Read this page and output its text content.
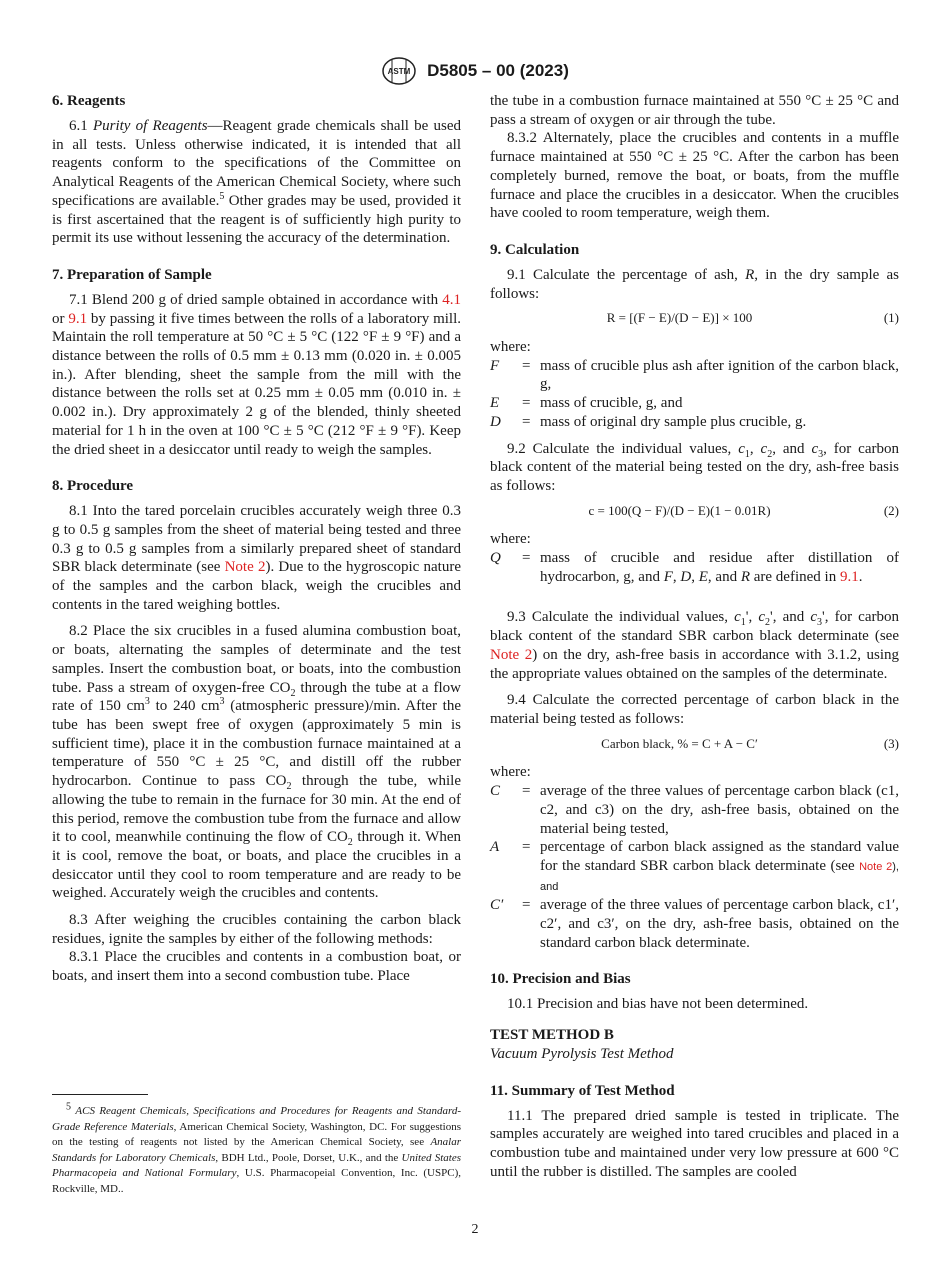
ASTM D5805 – 00 (2023)
6. Reagents

6.1 Purity of Reagents—Reagent grade chemicals shall be used in all tests. Unless otherwise indicated, it is intended that all reagents conform to the specifications of the Committee on Analytical Reagents of the American Chemical Society, where such specifications are available.$^5$ Other grades may be used, provided it is first ascertained that the reagent is of sufficiently high purity to permit its use without lessening the accuracy of the determination.

7. Preparation of Sample

7.1 Blend 200 g of dried sample obtained in accordance with 4.1 or 9.1 by passing it five times between the rolls of a laboratory mill. Maintain the roll temperature at 50 °C ± 5 °C (122 °F ± 9 °F) and a distance between the rolls of 0.5 mm ± 0.13 mm (0.020 in. ± 0.005 in.). After blending, sheet the sample from the mill with the distance between the rolls set at 0.25 mm ± 0.05 mm (0.010 in. ± 0.002 in.). Dry approximately 2 g of the blended, thinly sheeted material for 1 h in the oven at 100 °C ± 5 °C (212 °F ± 9 °F). Keep the dried sheet in a desiccator until ready to weigh the samples.

8. Procedure

8.1 Into the tared porcelain crucibles accurately weigh three 0.3 g to 0.5 g samples from the sheet of material being tested and three 0.3 g to 0.5 g samples from a similarly prepared sheet of standard SBR black determinate (see Note 2). Due to the hygroscopic nature of the samples and the carbon black, weigh the crucibles and contents in the tared weighing bottles.

8.2 Place the six crucibles in a fused alumina combustion boat, or boats, alternating the samples of determinate and the test samples. Insert the combustion boat, or boats, into the combustion tube. Pass a stream of oxygen-free $CO_2$ through the tube at a flow rate of 150 $cm^3$ to 240 $cm^3$ (atmospheric pressure)/min. After the tube has been swept free of oxygen (approximately 5 min is sufficient time), place it in the combustion furnace maintained at a temperature of 550 °C ± 25 °C, and distill off the rubber hydrocarbon. Continue to pass $CO_2$ through the tube, while allowing the tube to remain in the furnace for 30 min. At the end of this period, remove the combustion tube from the furnace and allow it to cool, meanwhile continuing the flow of $CO_2$ through it. When it is cool, remove the boat, or boats, and place the crucibles in a desiccator until they cool to room temperature and are ready to be weighed. Accurately weigh the crucibles and contents.

8.3 After weighing the crucibles containing the carbon black residues, ignite the samples by either of the following methods:

8.3.1 Place the crucibles and contents in a combustion boat, or boats, and insert them into a second combustion tube. Place

$^5$ ACS Reagent Chemicals, Specifications and Procedures for Reagents and Standard-Grade Reference Materials, American Chemical Society, Washington, DC. For suggestions on the testing of reagents not listed by the American Chemical Society, see Analar Standards for Laboratory Chemicals, BDH Ltd., Poole, Dorset, U.K., and the United States Pharmacopeia and National Formulary, U.S. Pharmacopeial Convention, Inc. (USPC), Rockville, MD..

the tube in a combustion furnace maintained at 550 °C ± 25 °C and pass a stream of oxygen or air through the tube.

8.3.2 Alternately, place the crucibles and contents in a muffle furnace maintained at 550 °C ± 25 °C. After the carbon has been completely burned, remove the boat, or boats, from the muffle furnace and place the crucibles in a desiccator. When the crucibles have cooled to room temperature, weigh them.

9. Calculation

9.1 Calculate the percentage of ash, R, in the dry sample as follows:

R = [(F − E)/(D − E)] × 100	(1)

where:

F	= mass of crucible plus ash after ignition of the carbon black, g,
E	= mass of crucible, g, and
D	= mass of original dry sample plus crucible, g.

9.2 Calculate the individual values, $c_1$, $c_2$, and $c_3$, for carbon black content of the material being tested on the dry, ash-free basis as follows:

c = 100(Q − F)/(D − E)(1 − 0.01R)	(2)

where:

Q	= mass of crucible and residue after distillation of hydrocarbon, g, and F, D, E, and R are defined in 9.1.

9.3 Calculate the individual values, $c_1'$, $c_2'$, and $c_3'$, for carbon black content of the standard SBR carbon black determinate (see Note 2) on the dry, ash-free basis in accordance with 3.1.2, using the appropriate values obtained on the samples of the determinate.

9.4 Calculate the corrected percentage of carbon black in the material being tested as follows:

Carbon black, % = C + A − C′	(3)

where:

C	= average of the three values of percentage carbon black (c1, c2, and c3) on the dry, ash-free basis, obtained on the material being tested,
A	= percentage of carbon black assigned as the standard value for the standard SBR carbon black determinate (see Note 2), and
C′	= average of the three values of percentage carbon black, c1′, c2′, and c3′, on the dry, ash-free basis, obtained on the standard carbon black determinate.
10. Precision and Bias

10.1 Precision and bias have not been determined.

TEST METHOD B

Vacuum Pyrolysis Test Method

11. Summary of Test Method

11.1 The prepared dried sample is tested in triplicate. The samples accurately are weighed into tared crucibles and placed in a combustion tube and maintained under very low pressure at 600 °C until the rubber is distilled. The samples are cooled

2
